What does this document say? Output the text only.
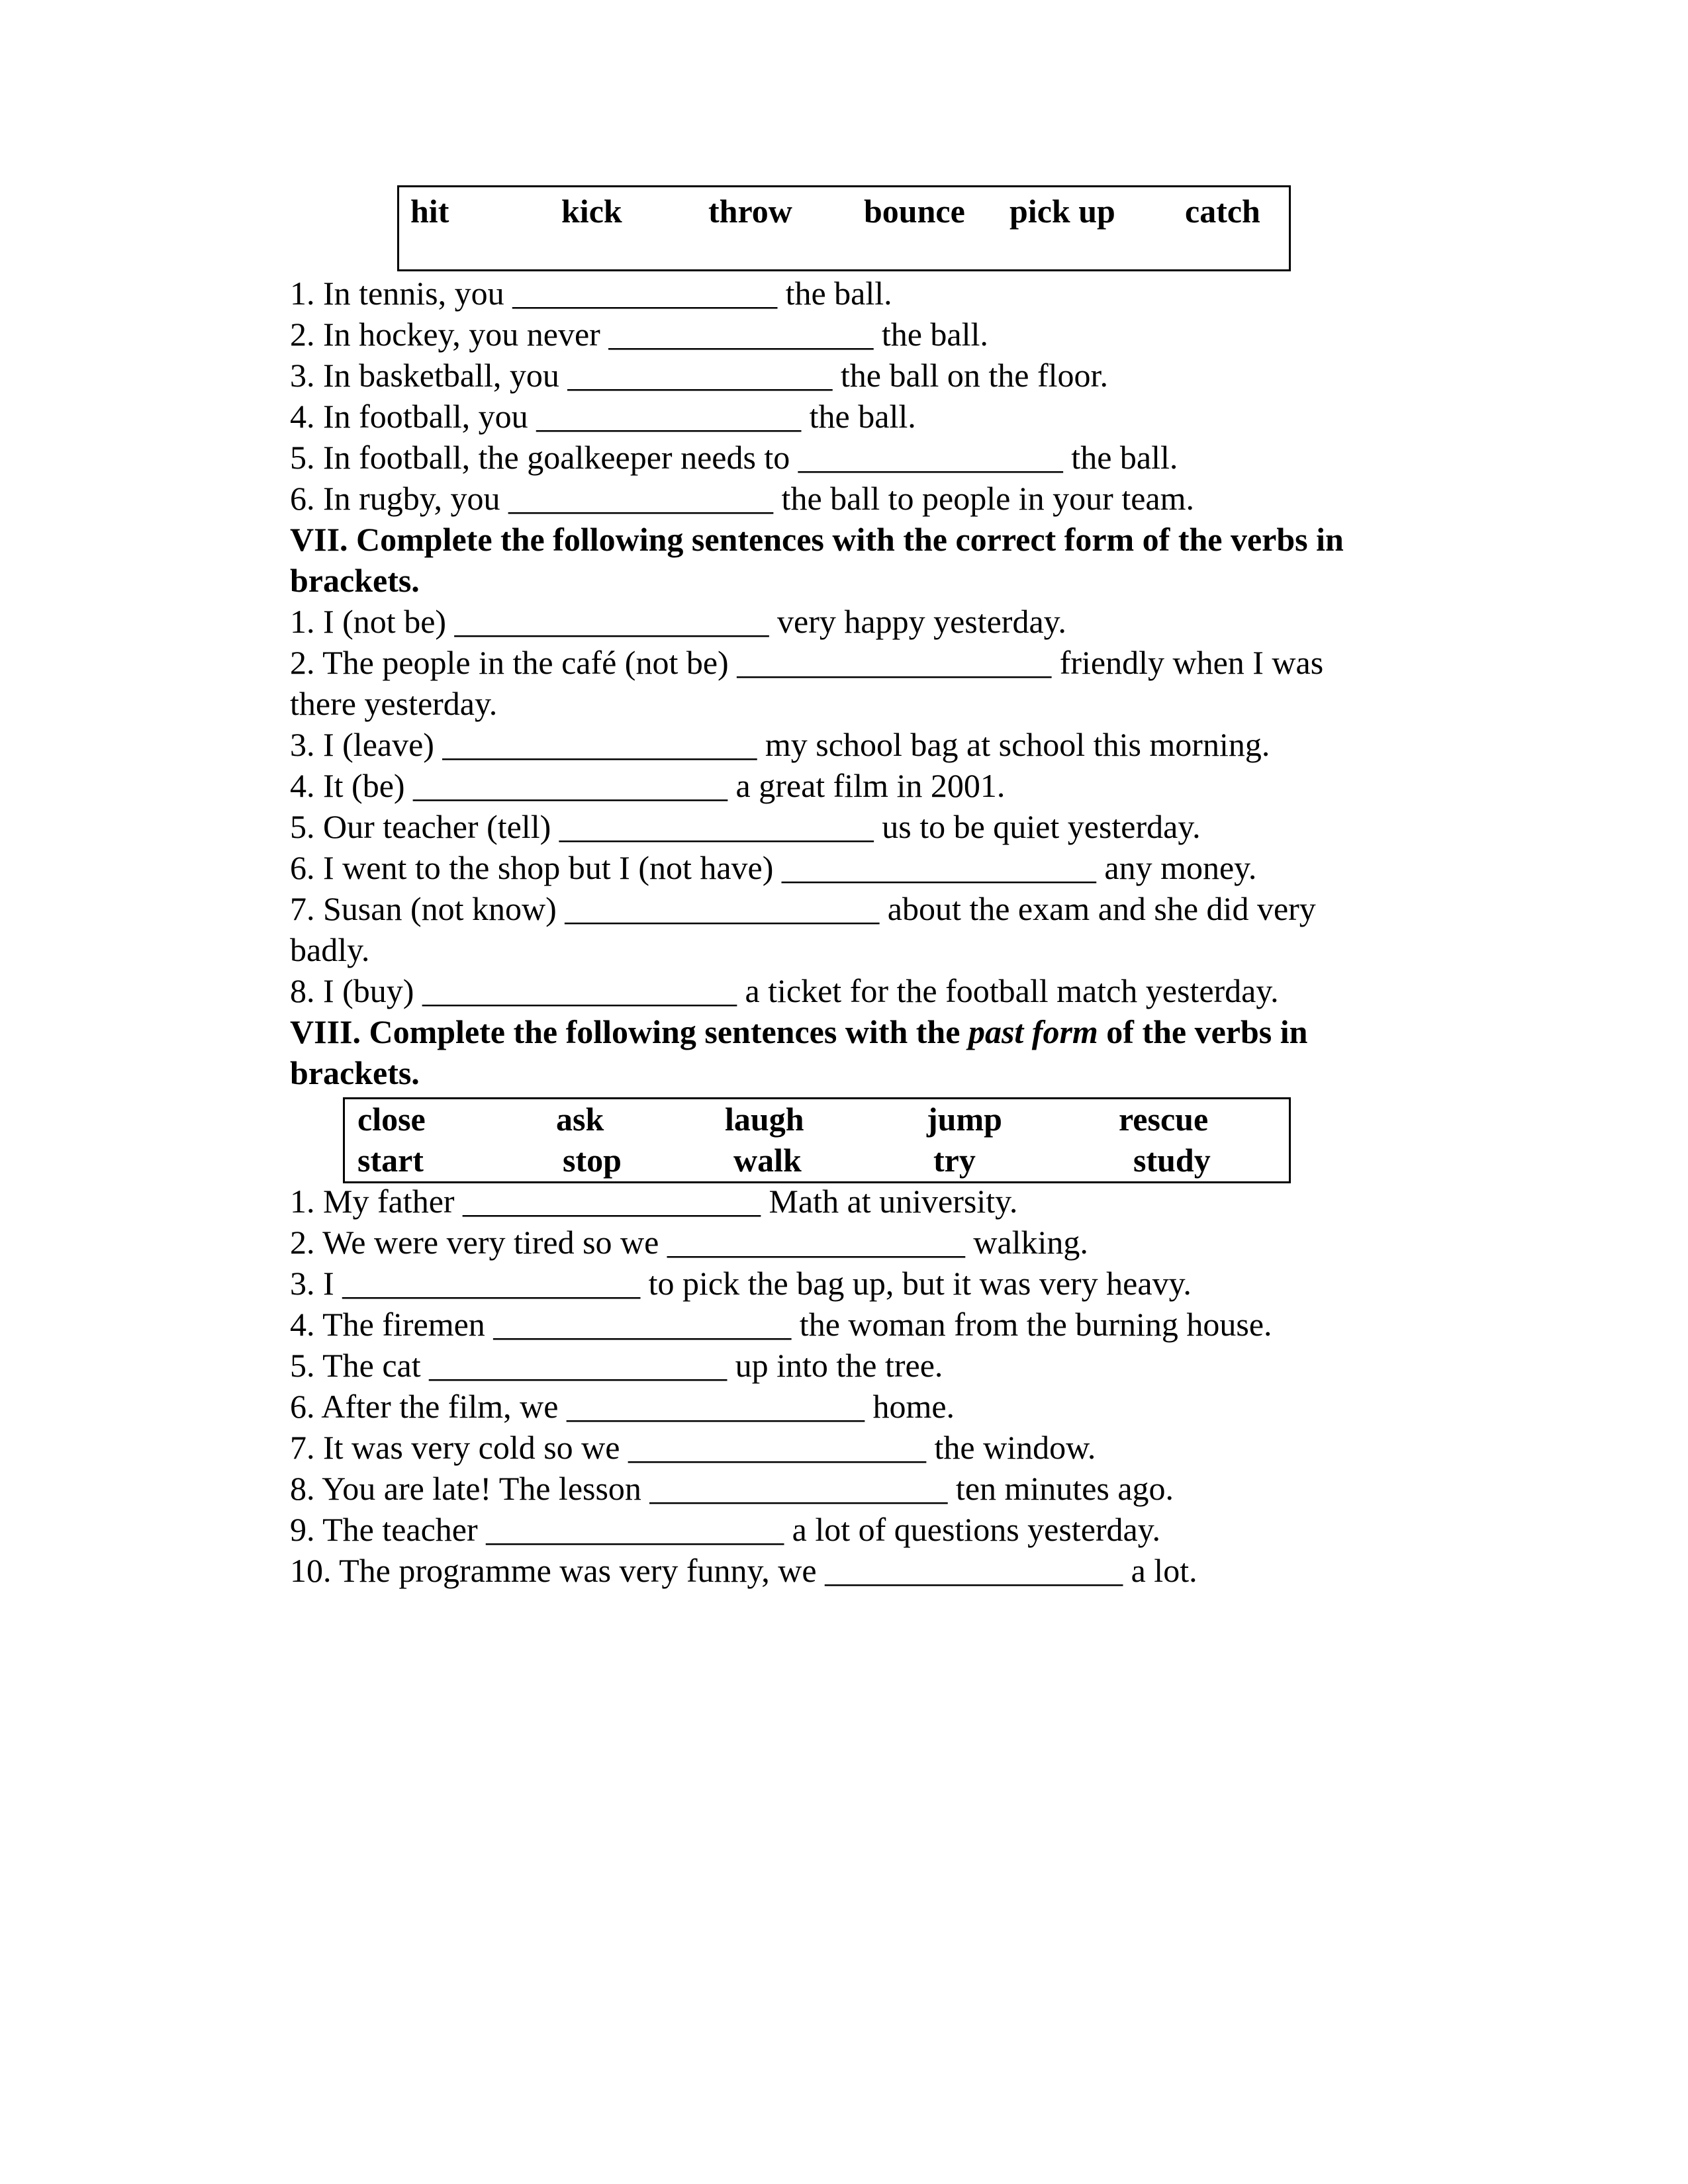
hit	kick	throw bounce pick up catch
1. In tennis, you ________________ the ball.
2. In hockey, you never ________________ the ball.
3. In basketball, you ________________ the ball on the floor.
4. In football, you ________________ the ball.
5. In football, the goalkeeper needs to ________________ the ball.
6. In rugby, you ________________ the ball to people in your team.
VII. Complete the following sentences with the correct form of the verbs in
brackets.
1. I (not be) ___________________ very happy yesterday.
2. The people in the café (not be) ___________________ friendly when I was
there yesterday.
3. I (leave) ___________________ my school bag at school this morning.
4. It (be) ___________________ a great film in 2001.
5. Our teacher (tell) ___________________ us to be quiet yesterday.
6. I went to the shop but I (not have) ___________________ any money.
7. Susan (not know) ___________________ about the exam and she did very
badly.
8. I (buy) ___________________ a ticket for the football match yesterday.
VIII. Complete the following sentences with the past form of the verbs in
brackets.
close	ask	laugh	jump	rescue
start	stop	walk	try	study
1. My father __________________ Math at university.
2. We were very tired so we __________________ walking.
3. I __________________ to pick the bag up, but it was very heavy.
4. The firemen __________________ the woman from the burning house.
5. The cat __________________ up into the tree.
6. After the film, we __________________ home.
7. It was very cold so we __________________ the window.
8. You are late! The lesson __________________ ten minutes ago.
9. The teacher __________________ a lot of questions yesterday.
10. The programme was very funny, we __________________ a lot.
